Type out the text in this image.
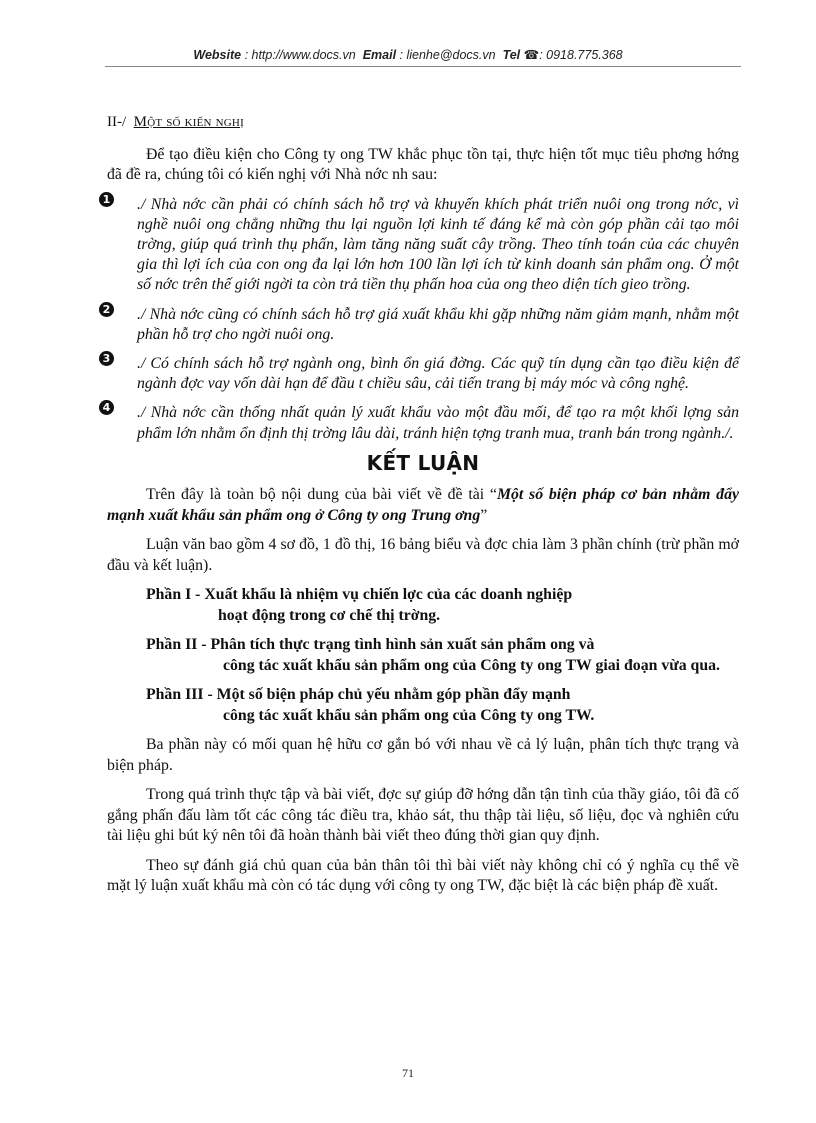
Website : http://www.docs.vn Email : lienhe@docs.vn Tel ☎: 0918.775.368
II-/ Một số kiến nghị

Để tạo điều kiện cho Công ty ong TW khắc phục tồn tại, thực hiện tốt mục tiêu phơng hớng đã đề ra, chúng tôi có kiến nghị với Nhà nớc nh sau:

1 ./ Nhà nớc cần phải có chính sách hỗ trợ và khuyến khích phát triển nuôi ong trong nớc, vì nghề nuôi ong chẳng những thu lại nguồn lợi kinh tế đáng kể mà còn góp phần cải tạo môi trờng, giúp quá trình thụ phấn, làm tăng năng suất cây trồng. Theo tính toán của các chuyên gia thì lợi ích của con ong đa lại lớn hơn 100 lần lợi ích từ kinh doanh sản phẩm ong. Ở một số nớc trên thế giới ngời ta còn trả tiền thụ phấn hoa của ong theo diện tích gieo trồng.
2 ./ Nhà nớc cũng có chính sách hỗ trợ giá xuất khẩu khi gặp những năm giảm mạnh, nhằm một phần hỗ trợ cho ngời nuôi ong.
3 ./ Có chính sách hỗ trợ ngành ong, bình ổn giá đờng. Các quỹ tín dụng cần tạo điều kiện để ngành đợc vay vốn dài hạn để đầu t chiều sâu, cải tiến trang bị máy móc và công nghệ.
4 ./ Nhà nớc cần thống nhất quản lý xuất khẩu vào một đầu mối, để tạo ra một khối lợng sản phẩm lớn nhằm ổn định thị trờng lâu dài, tránh hiện tợng tranh mua, tranh bán trong ngành./.
KẾT LUẬN

Trên đây là toàn bộ nội dung của bài viết về đề tài “Một số biện pháp cơ bản nhằm đẩy mạnh xuất khẩu sản phẩm ong ở Công ty ong Trung ơng”

Luận văn bao gồm 4 sơ đồ, 1 đồ thị, 16 bảng biểu và đợc chia làm 3 phần chính (trừ phần mở đầu và kết luận).

Phần I - Xuất khẩu là nhiệm vụ chiến lợc của các doanh nghiệp
hoạt động trong cơ chế thị trờng.
Phần II - Phân tích thực trạng tình hình sản xuất sản phẩm ong và
công tác xuất khẩu sản phẩm ong của Công ty ong TW giai đoạn vừa qua.
Phần III - Một số biện pháp chủ yếu nhằm góp phần đẩy mạnh
công tác xuất khẩu sản phẩm ong của Công ty ong TW.

Ba phần này có mối quan hệ hữu cơ gắn bó với nhau về cả lý luận, phân tích thực trạng và biện pháp.

Trong quá trình thực tập và bài viết, đợc sự giúp đỡ hớng dẫn tận tình của thầy giáo, tôi đã cố gắng phấn đấu làm tốt các công tác điều tra, khảo sát, thu thập tài liệu, số liệu, đọc và nghiên cứu tài liệu ghi bút ký nên tôi đã hoàn thành bài viết theo đúng thời gian quy định.

Theo sự đánh giá chủ quan của bản thân tôi thì bài viết này không chỉ có ý nghĩa cụ thể về mặt lý luận xuất khẩu mà còn có tác dụng với công ty ong TW, đặc biệt là các biện pháp đề xuất.

71
